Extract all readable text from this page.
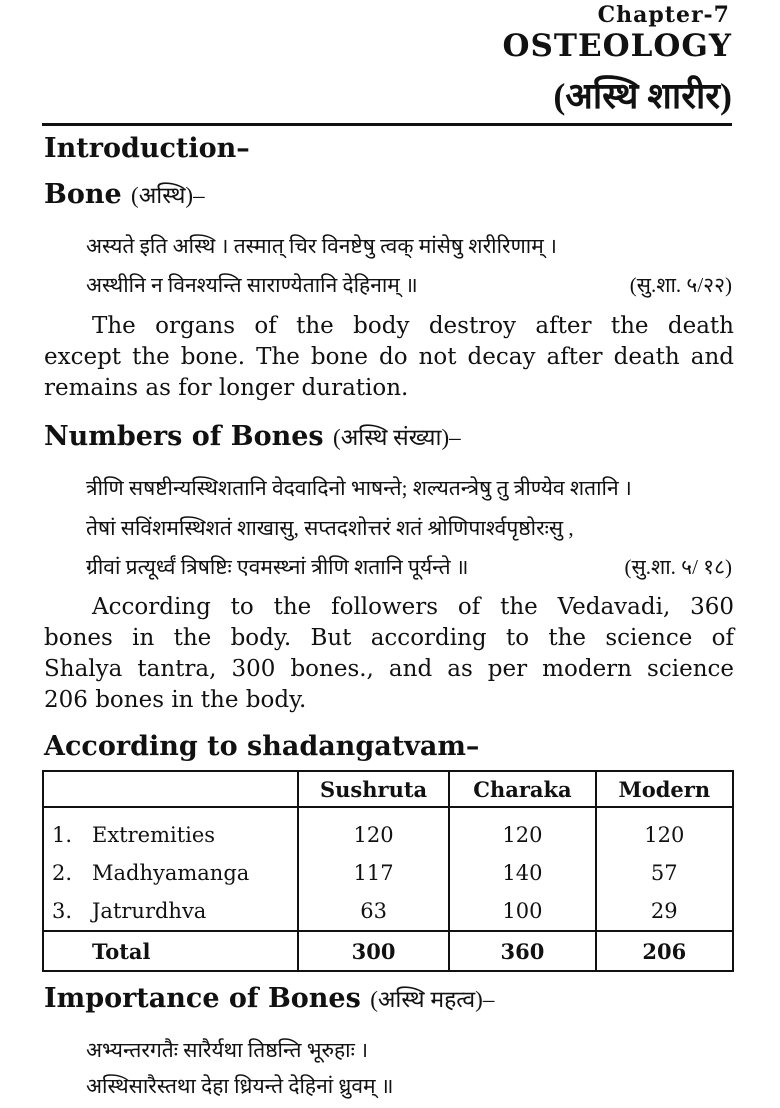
Chapter-7
OSTEOLOGY
(अस्थि शारीर)
Introduction–
Bone (अस्थि)–
अस्यते इति अस्थि । तस्मात् चिर विनष्टेषु त्वक् मांसेषु शरीरिणाम् ।
अस्थीनि न विनश्यन्ति साराण्येतानि देहिनाम् ॥	(सु.शा. ५/२२)

The organs of the body destroy after the death

except the bone. The bone do not decay after death and

remains as for longer duration.

Numbers of Bones (अस्थि संख्या)–
त्रीणि सषष्टीन्यस्थिशतानि वेदवादिनो भाषन्ते; शल्यतन्त्रेषु तु त्रीण्येव शतानि ।
तेषां सविंशमस्थिशतं शाखासु, सप्तदशोत्तरं शतं श्रोणिपार्श्वपृष्ठोरःसु ,
ग्रीवां प्रत्यूर्ध्वं त्रिषष्टिः एवमस्थ्नां त्रीणि शतानि पूर्यन्ते ॥	(सु.शा. ५/ १८)

According to the followers of the Vedavadi, 360

bones in the body. But according to the science of

Shalya tantra, 300 bones., and as per modern science

206 bones in the body.

According to shadangatvam–
	Sushruta	Charaka	Modern
1. Extremities	120	120	120
2. Madhyamanga	117	140	57
3. Jatrurdhva	63	100	29
Total	300	360	206
Importance of Bones (अस्थि महत्व)–
अभ्यन्तरगतैः सारैर्यथा तिष्ठन्ति भूरुहाः ।
अस्थिसारैस्तथा देहा ध्रियन्ते देहिनां ध्रुवम् ॥
